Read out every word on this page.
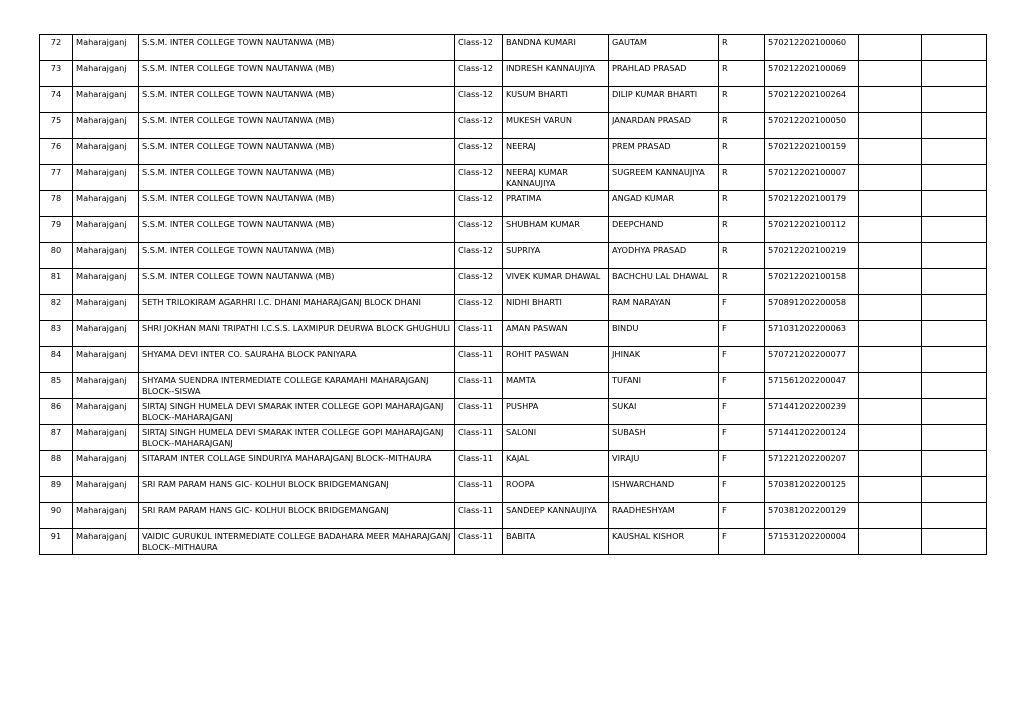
72	Maharajganj	S.S.M. INTER COLLEGE TOWN NAUTANWA (MB)	Class-12	BANDNA KUMARI	GAUTAM	R	570212202100060		
73	Maharajganj	S.S.M. INTER COLLEGE TOWN NAUTANWA (MB)	Class-12	INDRESH KANNAUJIYA	PRAHLAD PRASAD	R	570212202100069		
74	Maharajganj	S.S.M. INTER COLLEGE TOWN NAUTANWA (MB)	Class-12	KUSUM BHARTI	DILIP KUMAR BHARTI	R	570212202100264		
75	Maharajganj	S.S.M. INTER COLLEGE TOWN NAUTANWA (MB)	Class-12	MUKESH VARUN	JANARDAN PRASAD	R	570212202100050		
76	Maharajganj	S.S.M. INTER COLLEGE TOWN NAUTANWA (MB)	Class-12	NEERAJ	PREM PRASAD	R	570212202100159		
77	Maharajganj	S.S.M. INTER COLLEGE TOWN NAUTANWA (MB)	Class-12	NEERAJ KUMAR KANNAUJIYA	SUGREEM KANNAUJIYA	R	570212202100007		
78	Maharajganj	S.S.M. INTER COLLEGE TOWN NAUTANWA (MB)	Class-12	PRATIMA	ANGAD KUMAR	R	570212202100179		
79	Maharajganj	S.S.M. INTER COLLEGE TOWN NAUTANWA (MB)	Class-12	SHUBHAM KUMAR	DEEPCHAND	R	570212202100112		
80	Maharajganj	S.S.M. INTER COLLEGE TOWN NAUTANWA (MB)	Class-12	SUPRIYA	AYODHYA PRASAD	R	570212202100219		
81	Maharajganj	S.S.M. INTER COLLEGE TOWN NAUTANWA (MB)	Class-12	VIVEK KUMAR DHAWAL	BACHCHU LAL DHAWAL	R	570212202100158		
82	Maharajganj	SETH TRILOKIRAM AGARHRI I.C. DHANI MAHARAJGANJ BLOCK DHANI	Class-12	NIDHI BHARTI	RAM NARAYAN	F	570891202200058		
83	Maharajganj	SHRI JOKHAN MANI TRIPATHI I.C.S.S. LAXMIPUR DEURWA BLOCK GHUGHULI	Class-11	AMAN PASWAN	BINDU	F	571031202200063		
84	Maharajganj	SHYAMA DEVI INTER CO. SAURAHA BLOCK PANIYARA	Class-11	ROHIT PASWAN	JHINAK	F	570721202200077		
85	Maharajganj	SHYAMA SUENDRA INTERMEDIATE COLLEGE KARAMAHI MAHARAJGANJ BLOCK--SISWA	Class-11	MAMTA	TUFANI	F	571561202200047		
86	Maharajganj	SIRTAJ SINGH HUMELA DEVI SMARAK INTER COLLEGE GOPI MAHARAJGANJ BLOCK--MAHARAJGANJ	Class-11	PUSHPA	SUKAI	F	571441202200239		
87	Maharajganj	SIRTAJ SINGH HUMELA DEVI SMARAK INTER COLLEGE GOPI MAHARAJGANJ BLOCK--MAHARAJGANJ	Class-11	SALONI	SUBASH	F	571441202200124		
88	Maharajganj	SITARAM INTER COLLAGE SINDURIYA MAHARAJGANJ BLOCK--MITHAURA	Class-11	KAJAL	VIRAJU	F	571221202200207		
89	Maharajganj	SRI RAM PARAM HANS GIC- KOLHUI BLOCK BRIDGEMANGANJ	Class-11	ROOPA	ISHWARCHAND	F	570381202200125		
90	Maharajganj	SRI RAM PARAM HANS GIC- KOLHUI BLOCK BRIDGEMANGANJ	Class-11	SANDEEP KANNAUJIYA	RAADHESHYAM	F	570381202200129		
91	Maharajganj	VAIDIC GURUKUL INTERMEDIATE COLLEGE BADAHARA MEER MAHARAJGANJ BLOCK--MITHAURA	Class-11	BABITA	KAUSHAL KISHOR	F	571531202200004		
